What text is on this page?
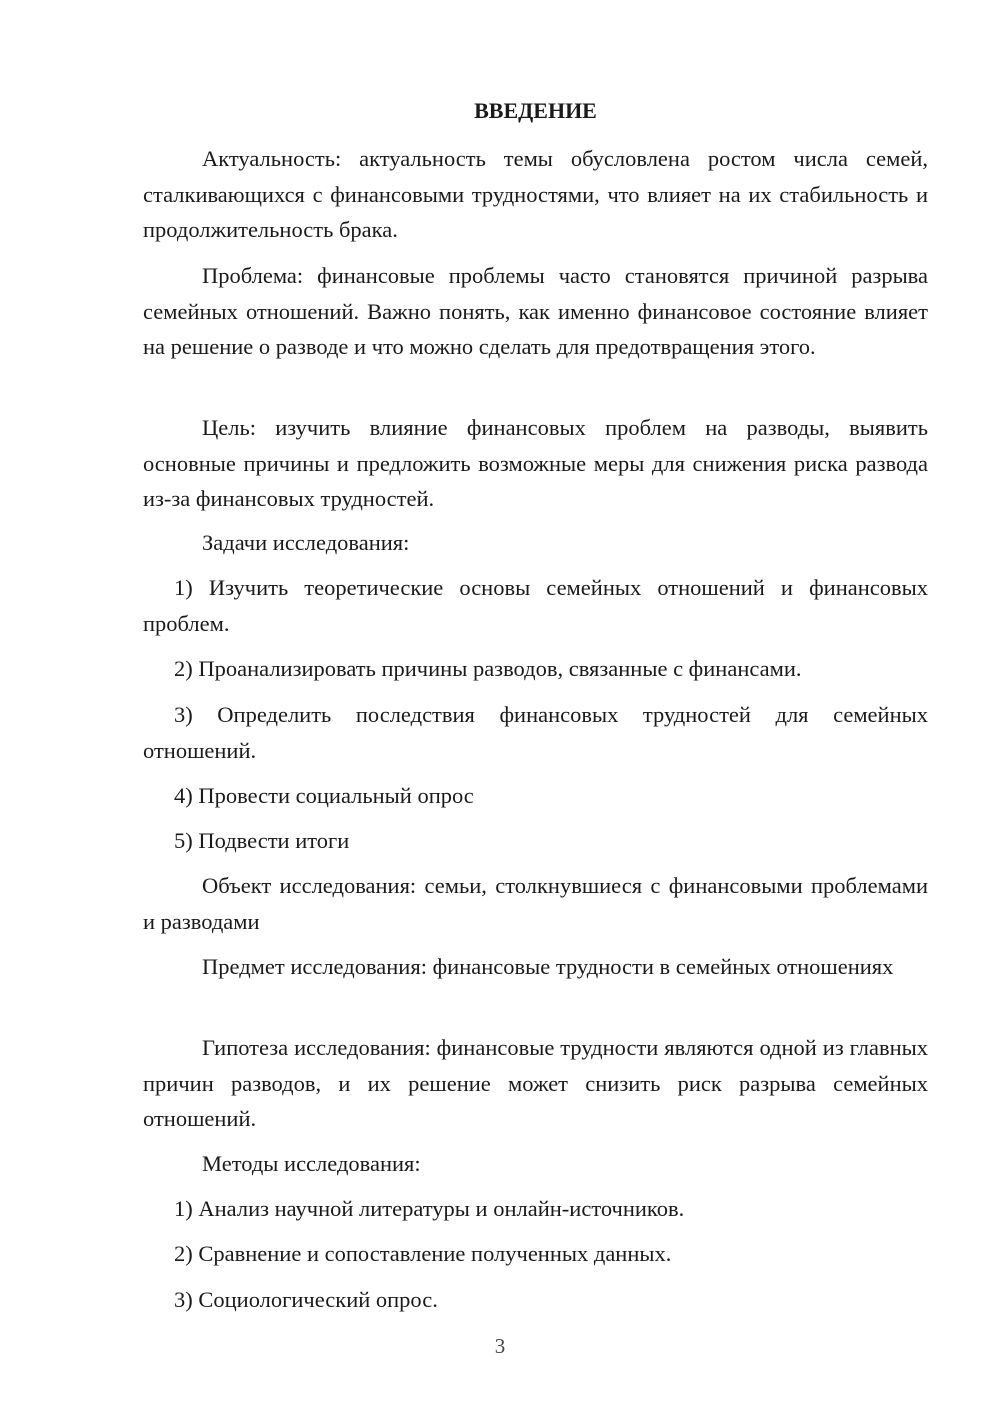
ВВЕДЕНИЕ

Актуальность: актуальность темы обусловлена ростом числа семей, сталкивающихся с финансовыми трудностями, что влияет на их стабильность и продолжительность брака.

Проблема: финансовые проблемы часто становятся причиной разрыва семейных отношений. Важно понять, как именно финансовое состояние влияет на решение о разводе и что можно сделать для предотвращения этого.

Цель: изучить влияние финансовых проблем на разводы, выявить основные причины и предложить возможные меры для снижения риска развода из-за финансовых трудностей.

Задачи исследования:

1) Изучить теоретические основы семейных отношений и финансовых проблем.

2) Проанализировать причины разводов, связанные с финансами.

3) Определить последствия финансовых трудностей для семейных отношений.

4) Провести социальный опрос

5) Подвести итоги

Объект исследования: семьи, столкнувшиеся с финансовыми проблемами и разводами

Предмет исследования: финансовые трудности в семейных отношениях

Гипотеза исследования: финансовые трудности являются одной из главных причин разводов, и их решение может снизить риск разрыва семейных отношений.

Методы исследования:

1) Анализ научной литературы и онлайн-источников.

2) Сравнение и сопоставление полученных данных.

3) Социологический опрос.

3
